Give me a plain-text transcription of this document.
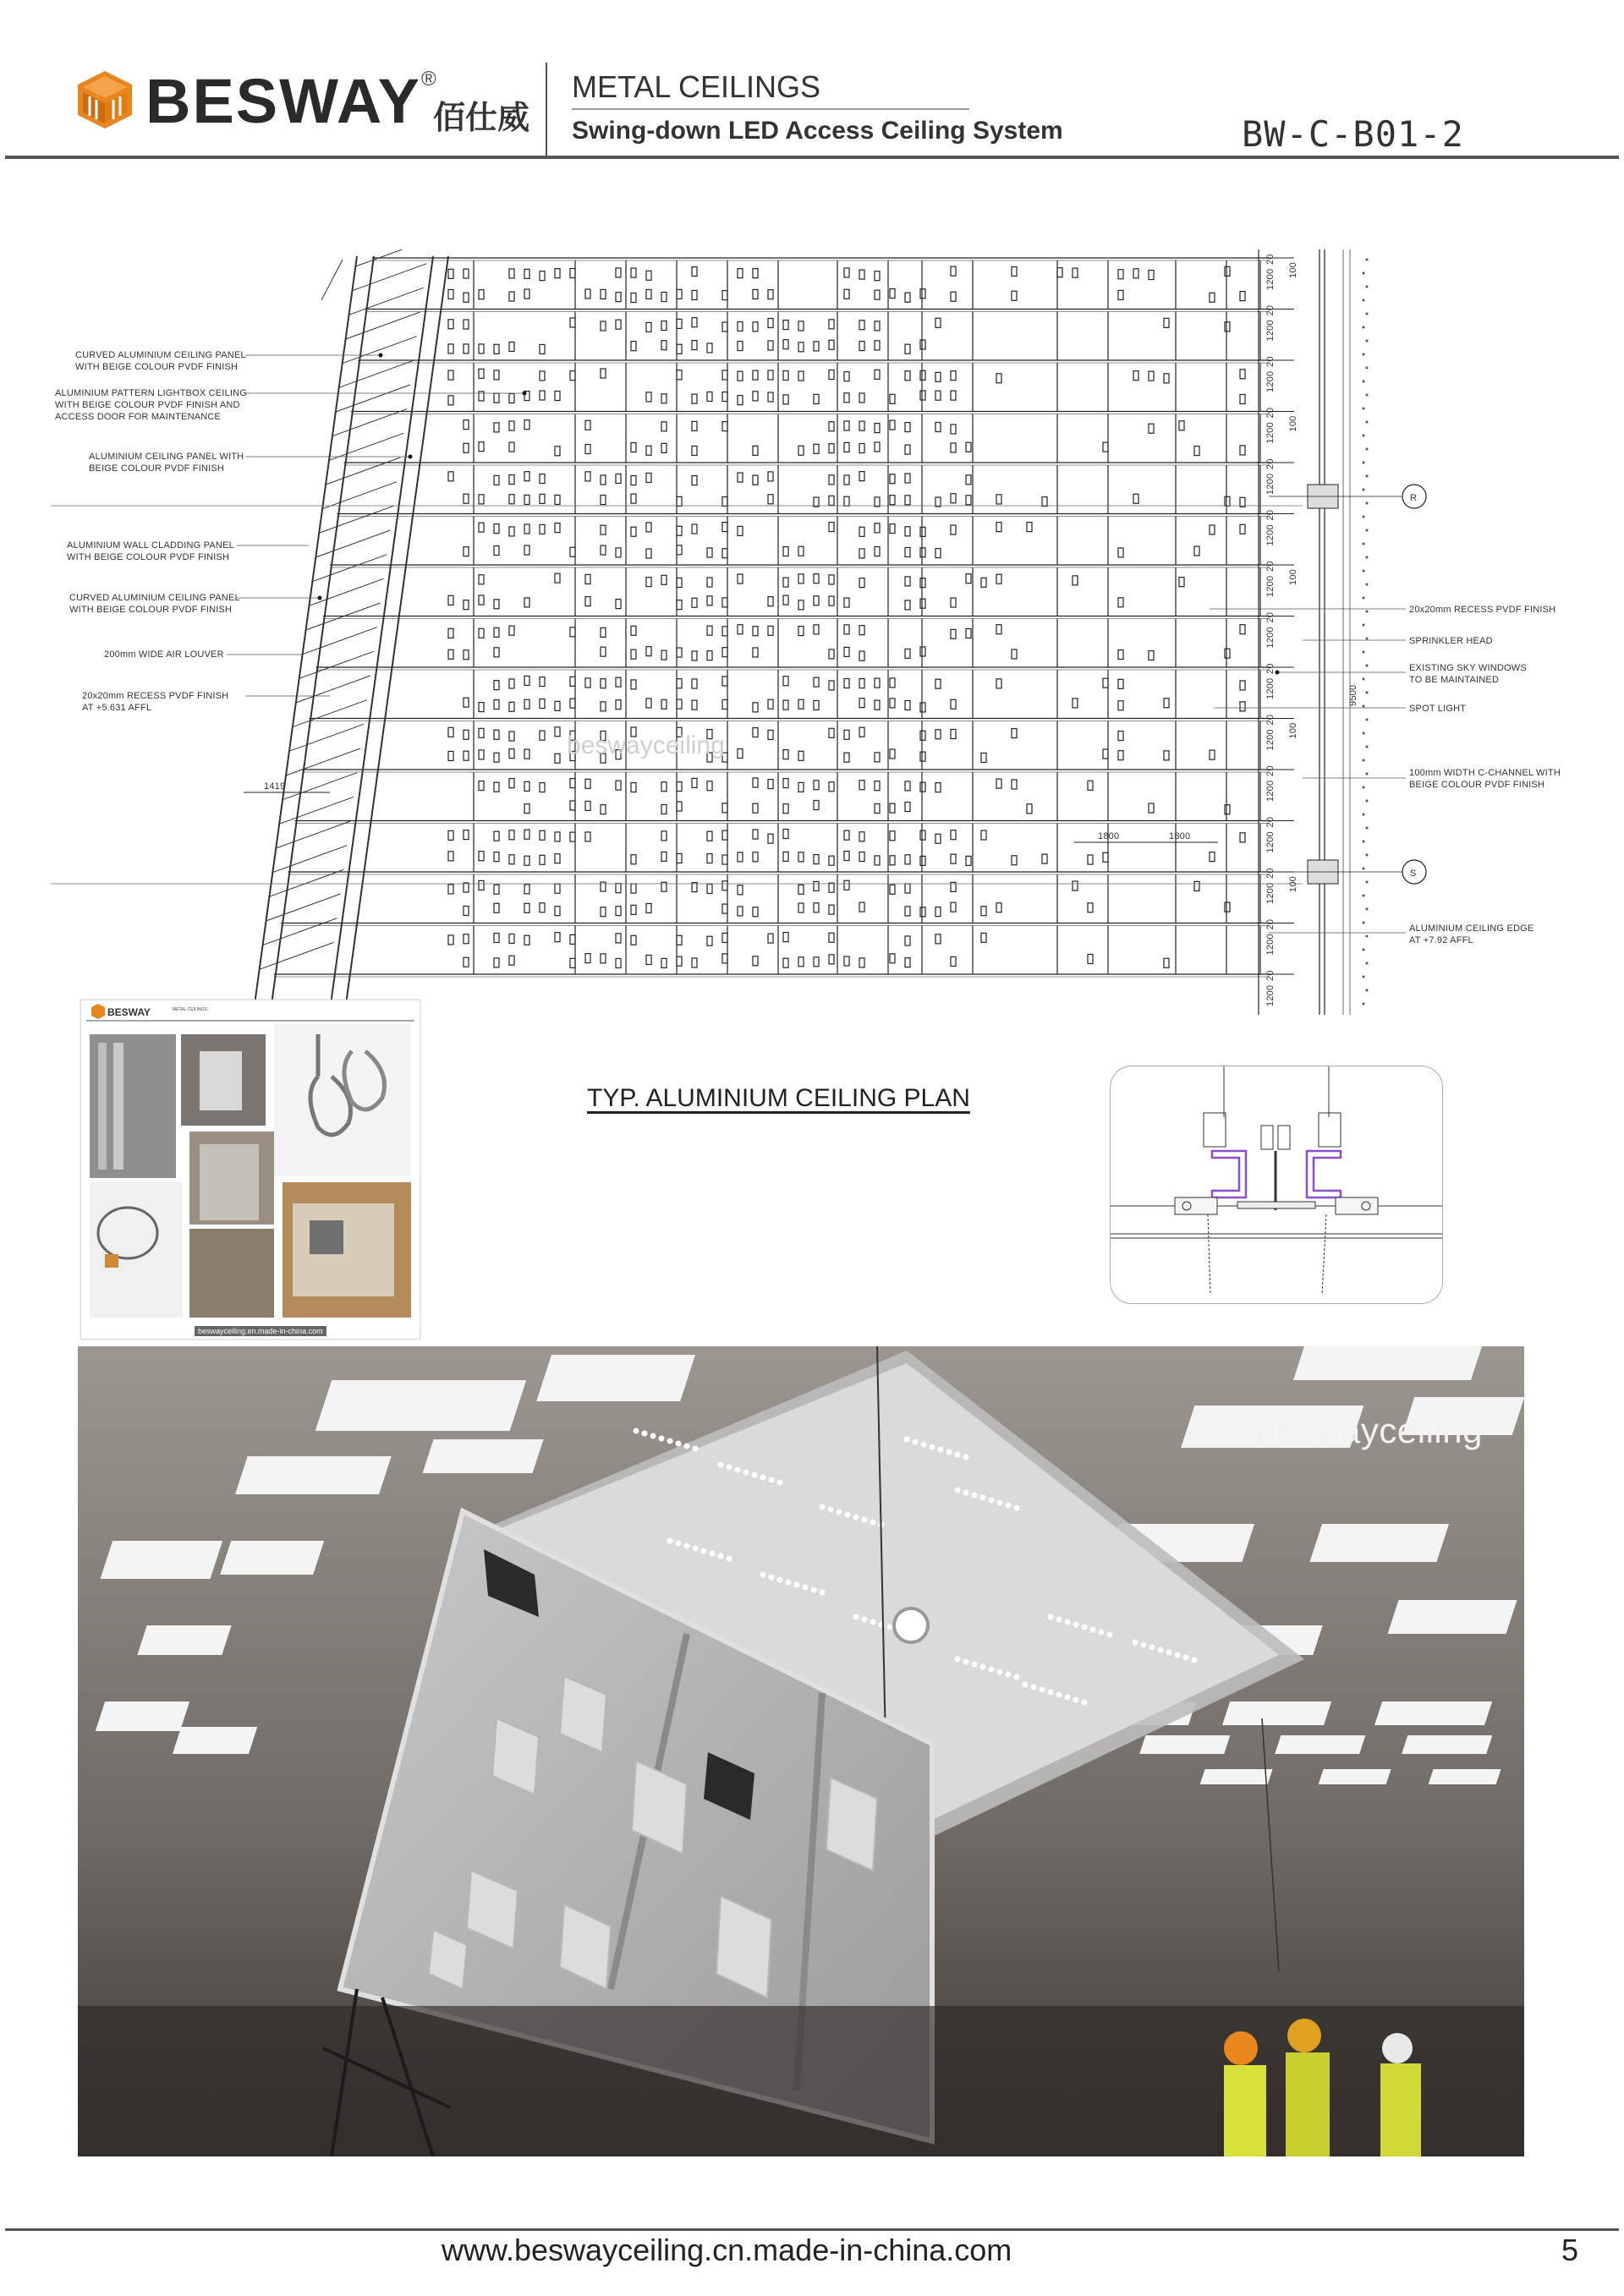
BESWAY ®
佰仕威
METAL CEILINGS
Swing-down LED Access Ceiling System	BW-C-B01-2
CURVED ALUMINIUM CEILING PANEL
WITH BEIGE COLOUR PVDF FINISH
ALUMINIUM PATTERN LIGHTBOX CEILING
WITH BEIGE COLOUR PVDF FINISH AND
ACCESS DOOR FOR MAINTENANCE
ALUMINIUM CEILING PANEL WITH
BEIGE COLOUR PVDF FINISH
ALUMINIUM WALL CLADDING PANEL
WITH BEIGE COLOUR PVDF FINISH
CURVED ALUMINIUM CEILING PANEL
WITH BEIGE COLOUR PVDF FINISH
200mm WIDE AIR LOUVER
20x20mm RECESS PVDF FINISH
AT +5.631 AFFL
1419
1800	1800
1200
20
100
1200
20
1200
20
1200
20
100
1200
20
1200
20
1200
20
100
1200
20
1200
20
1200
20
100
1200
20
1200
20
1200
20
100
1200
20
1200
20
9500
R
S
20x20mm RECESS PVDF FINISH
SPRINKLER HEAD
EXISTING SKY WINDOWS
TO BE MAINTAINED
SPOT LIGHT
100mm WIDTH C-CHANNEL WITH
BEIGE COLOUR PVDF FINISH
ALUMINIUM CEILING EDGE
AT +7.92 AFFL
beswayceiling
TYP. ALUMINIUM CEILING PLAN
BESWAY	METAL CEILINGS
beswayceiling.en.made-in-china.com
beswayceiling
www.beswayceiling.cn.made-in-china.com	5
